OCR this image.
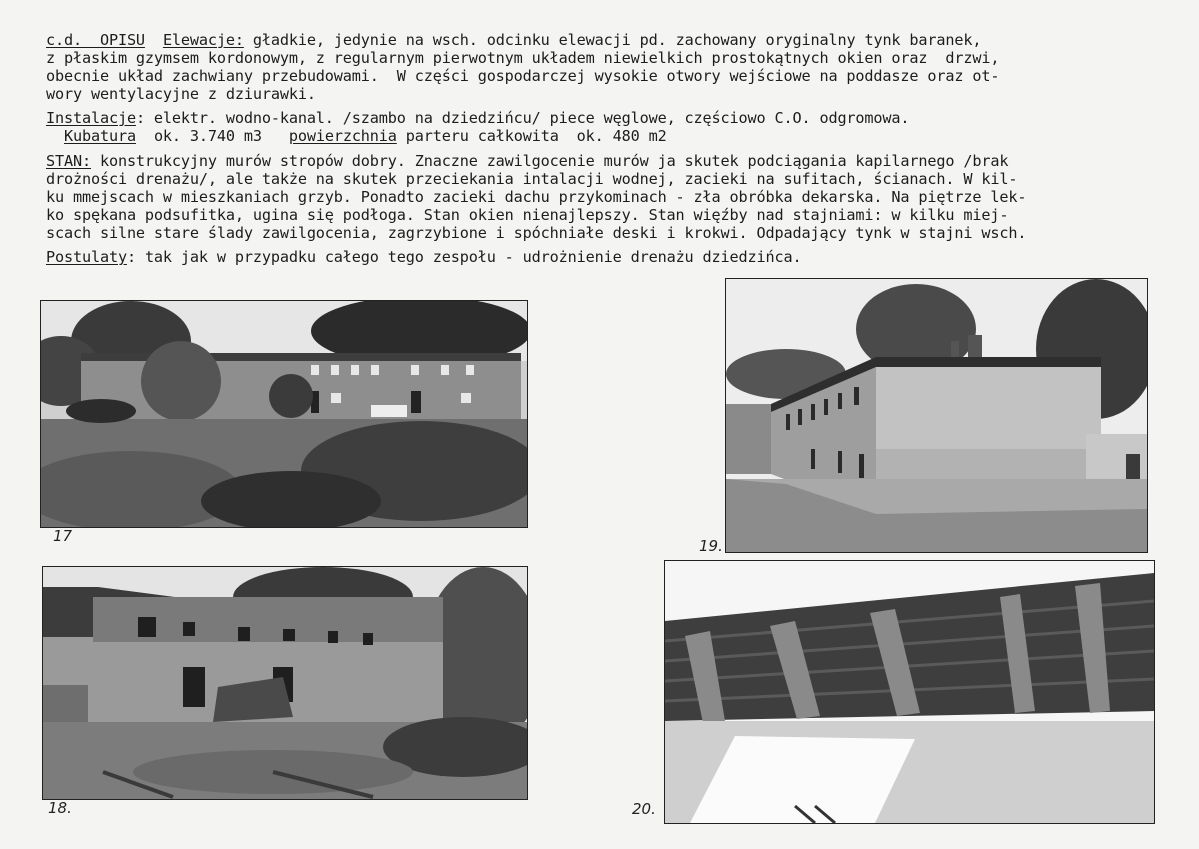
c.d.  OPISU Elewacje: gładkie, jedynie na wsch. odcinku elewacji pd. zachowany oryginalny tynk baranek,
z płaskim gzymsem kordonowym, z regularnym pierwotnym układem niewielkich prostokątnych okien oraz  drzwi,
obecnie układ zachwiany przebudowami.  W części gospodarczej wysokie otwory wejściowe na poddasze oraz ot-
wory wentylacyjne z dziurawki.
Instalacje: elektr. wodno-kanal. /szambo na dziedzińcu/ piece węglowe, częściowo C.O. odgromowa.
Kubatura  ok. 3.740 m3   powierzchnia parteru całkowita  ok. 480 m2
STAN: konstrukcyjny murów stropów dobry. Znaczne zawilgocenie murów ja skutek podciągania kapilarnego /brak
drożności drenażu/, ale także na skutek przeciekania intalacji wodnej, zacieki na sufitach, ścianach. W kil-
ku mmejscach w mieszkaniach grzyb. Ponadto zacieki dachu przykominach - zła obróbka dekarska. Na piętrze lek-
ko spękana podsufitka, ugina się podłoga. Stan okien nienajlepszy. Stan więźby nad stajniami: w kilku miej-
scach silne stare ślady zawilgocenia, zagrzybione i spóchniałe deski i krokwi. Odpadający tynk w stajni wsch.
Postulaty: tak jak w przypadku całego tego zespołu - udrożnienie drenażu dziedzińca.
17
19.
18.	20.
